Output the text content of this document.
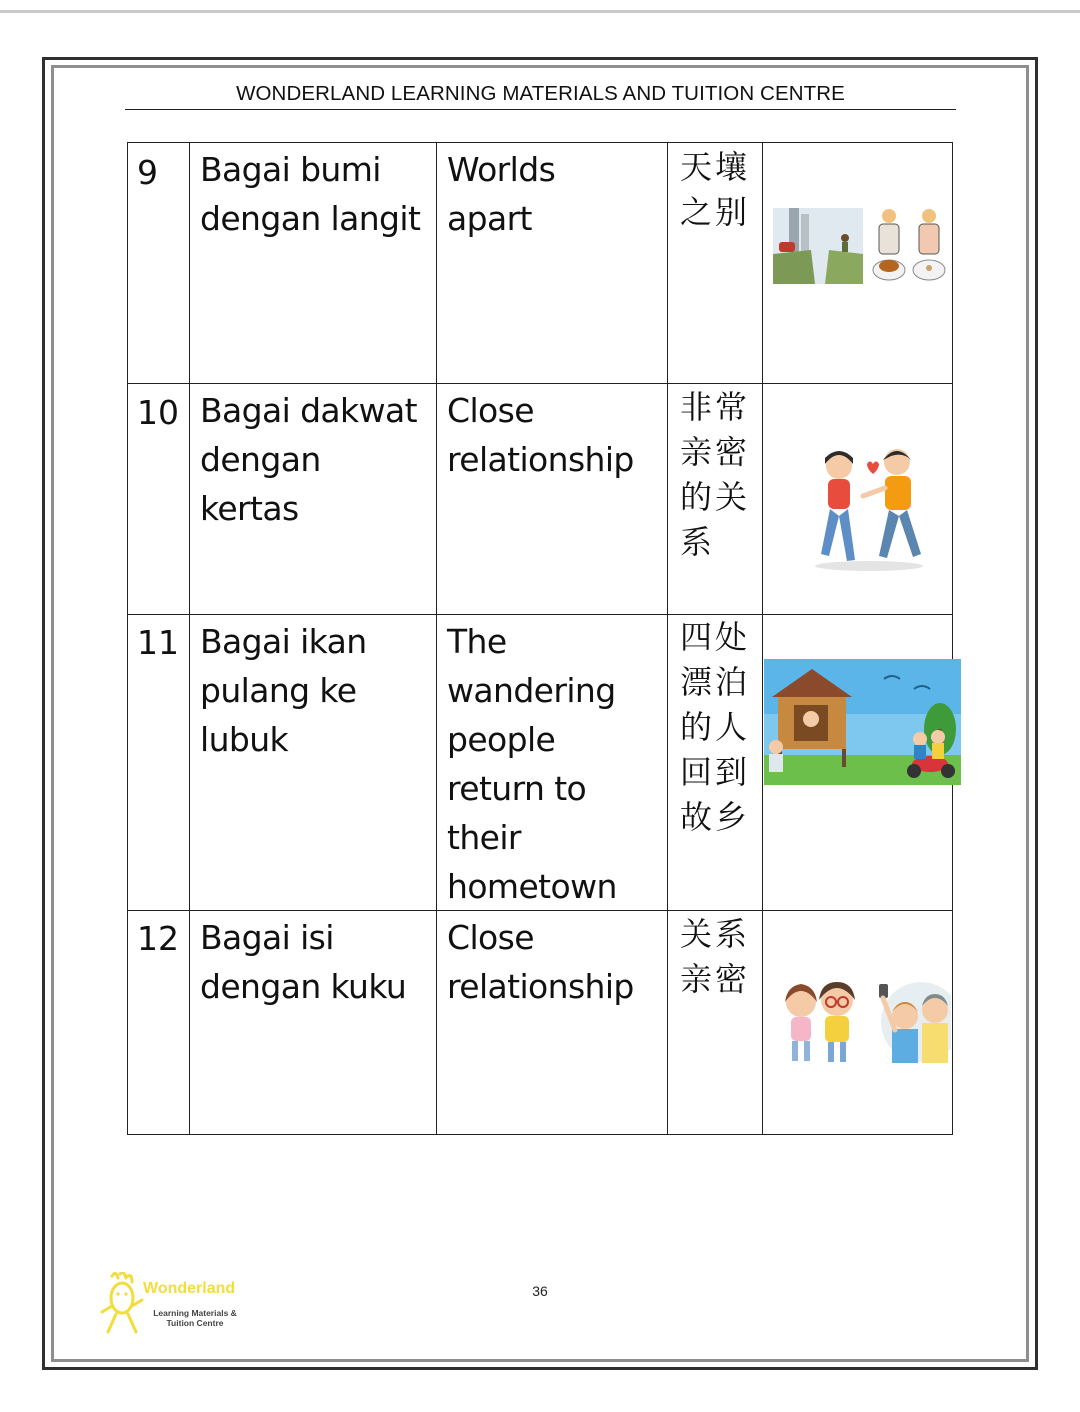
WONDERLAND LEARNING MATERIALS AND TUITION CENTRE
9 Bagai bumi
dengan langit
Worlds
apart
天壤
之别
10 Bagai dakwat
dengan
kertas
Close
relationship
非常
亲密
的关
系
11 Bagai ikan
pulang ke
lubuk
The
wandering
people
return to
their
hometown
四处
漂泊
的人
回到
故乡
12 Bagai isi
dengan kuku
Close
relationship
关系
亲密
Wonderland
Learning Materials &
Tuition Centre
36
